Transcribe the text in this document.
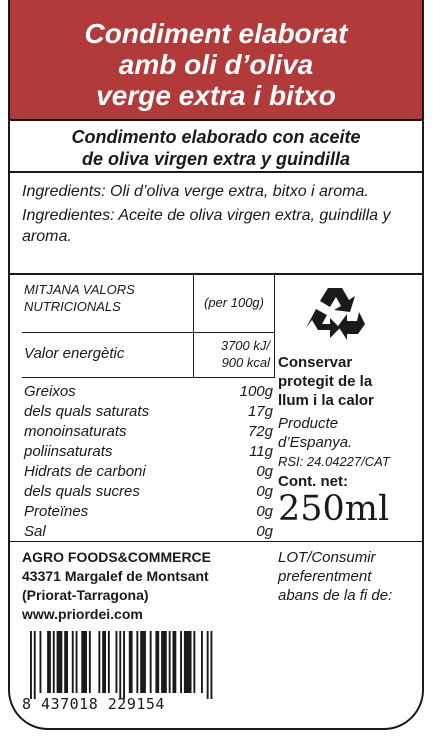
Condiment elaborat
amb oli d’oliva
verge extra i bitxo
Condimento elaborado con aceite
de oliva virgen extra y guindilla

Ingredients: Oli d’oliva verge extra, bitxo i aroma.

Ingredientes: Aceite de oliva virgen extra, guindilla y aroma.

MITJANA VALORS NUTRICIONALS	(per 100g)
Valor energètic	3700 kJ/
900 kcal
Greixos	100g
dels quals saturats	17g
monoinsaturats	72g
poliinsaturats	11g
Hidrats de carboni	0g
dels quals sucres	0g
Proteïnes	0g
Sal	0g
Conservar
protegit de la
llum i la calor
Producte
d’Espanya.
RSI: 24.04227/CAT
Cont. net:
250ml
AGRO FOODS&COMMERCE
43371 Margalef de Montsant
(Priorat-Tarragona)
www.priordei.com
LOT/Consumir
preferentment
abans de la fi de:
8 437018 229154
